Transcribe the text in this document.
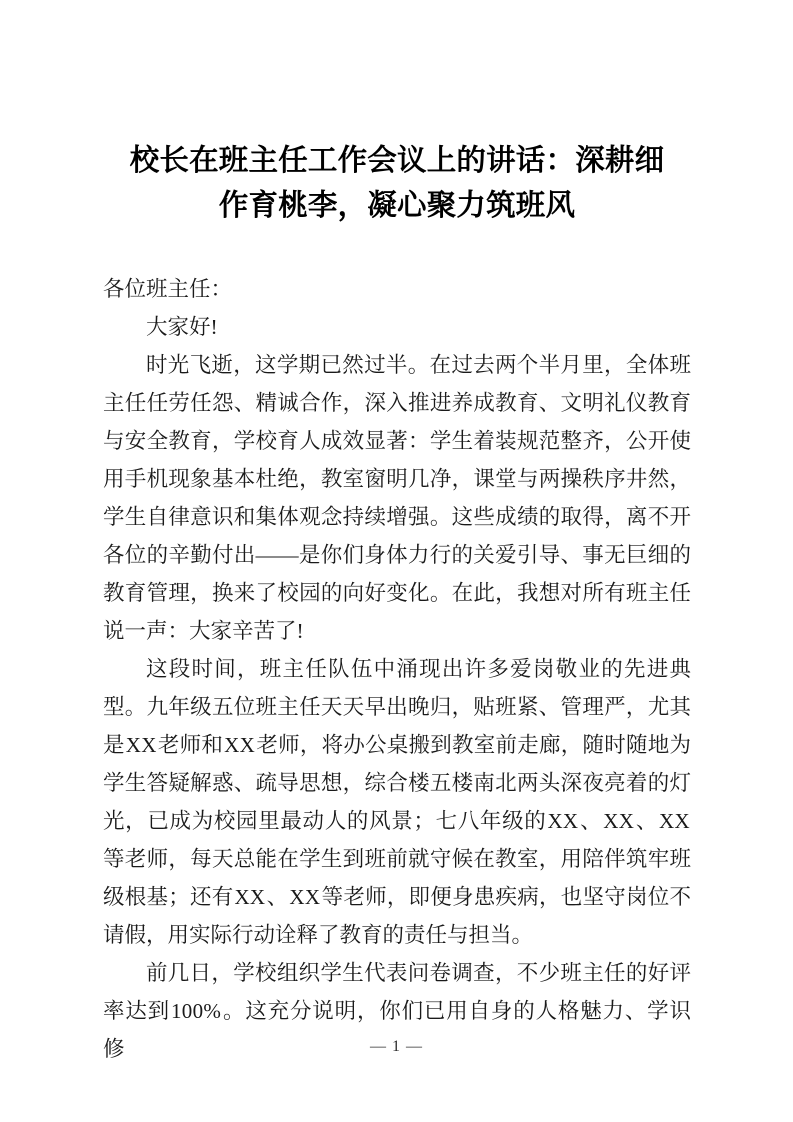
校长在班主任工作会议上的讲话：深耕细
作育桃李，凝心聚力筑班风

各位班主任：

大家好!

时光飞逝，这学期已然过半。在过去两个半月里，全体班主任任劳任怨、精诚合作，深入推进养成教育、文明礼仪教育与安全教育，学校育人成效显著：学生着装规范整齐，公开使用手机现象基本杜绝，教室窗明几净，课堂与两操秩序井然，学生自律意识和集体观念持续增强。这些成绩的取得，离不开各位的辛勤付出——是你们身体力行的关爱引导、事无巨细的教育管理，换来了校园的向好变化。在此，我想对所有班主任说一声：大家辛苦了!

这段时间，班主任队伍中涌现出许多爱岗敬业的先进典型。九年级五位班主任天天早出晚归，贴班紧、管理严，尤其是XX老师和XX老师，将办公桌搬到教室前走廊，随时随地为学生答疑解惑、疏导思想，综合楼五楼南北两头深夜亮着的灯光，已成为校园里最动人的风景；七八年级的XX、XX、XX等老师，每天总能在学生到班前就守候在教室，用陪伴筑牢班级根基；还有XX、XX等老师，即便身患疾病，也坚守岗位不请假，用实际行动诠释了教育的责任与担当。

前几日，学校组织学生代表问卷调查，不少班主任的好评率达到100%。这充分说明，你们已用自身的人格魅力、学识修	— 1 —
